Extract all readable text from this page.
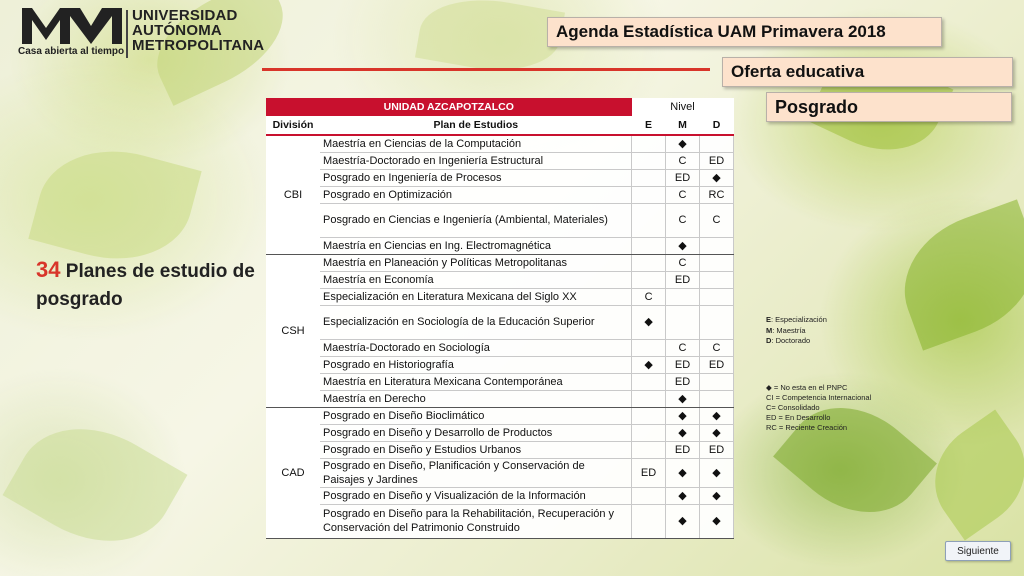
UNIVERSIDAD
AUTÓNOMA
METROPOLITANA
Casa abierta al tiempo
Agenda Estadística UAM Primavera 2018
Oferta educativa
Posgrado
34 Planes de estudio de posgrado
UNIDAD AZCAPOTZALCO		Nivel		
División	Plan de Estudios	E	M	D
CBI	Maestría en Ciencias de la Computación		◆	
	Maestría-Doctorado en Ingeniería Estructural		C	ED
	Posgrado en Ingeniería de Procesos		ED	◆
	Posgrado en Optimización		C	RC
	Posgrado en Ciencias e Ingeniería (Ambiental, Materiales)		C	C
	Maestría en Ciencias en Ing. Electromagnética		◆	
CSH	Maestría en Planeación y Políticas Metropolitanas		C	
	Maestría en Economía		ED	
	Especialización en Literatura Mexicana del Siglo XX	C		
	Especialización en Sociología de la Educación Superior	◆		
	Maestría-Doctorado en Sociología		C	C
	Posgrado en Historiografía	◆	ED	ED
	Maestría en Literatura Mexicana Contemporánea		ED	
	Maestría en Derecho		◆	
CAD	Posgrado en Diseño Bioclimático		◆	◆
	Posgrado en Diseño y Desarrollo de Productos		◆	◆
	Posgrado en Diseño y Estudios Urbanos		ED	ED
	Posgrado en Diseño, Planificación y Conservación de Paisajes y Jardines	ED	◆	◆
	Posgrado en Diseño y Visualización de la Información		◆	◆
	Posgrado en Diseño para la Rehabilitación, Recuperación y Conservación del Patrimonio Construido		◆	◆
E: Especialización
M: Maestría
D: Doctorado
◆ = No esta en el PNPC
CI = Competencia Internacional
C= Consolidado
ED = En Desarrollo
RC = Reciente Creación
Siguiente
